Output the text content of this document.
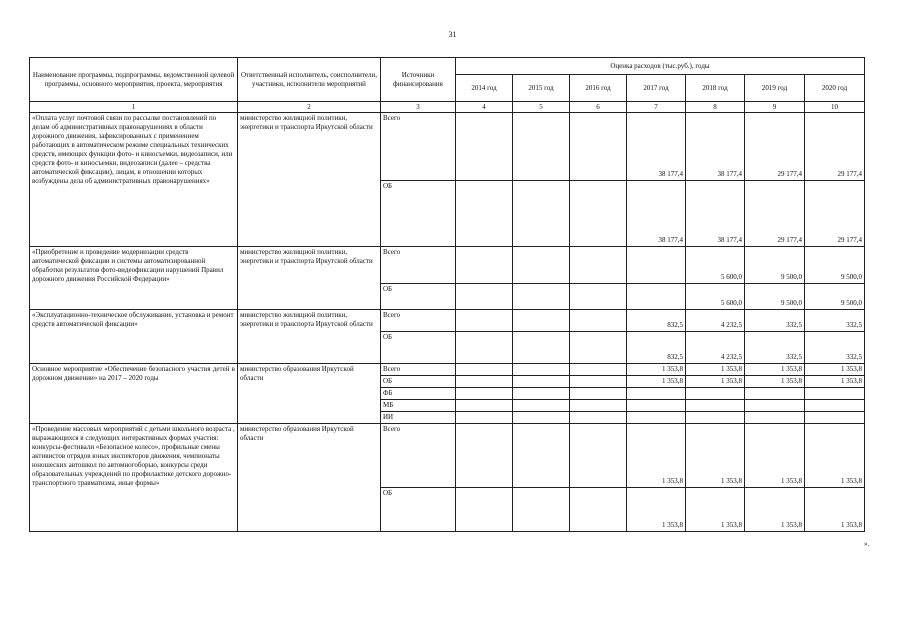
31
Наименование программы, подпрограммы, ведомственной целевой программы, основного мероприятия, проекта, мероприятия	Ответственный исполнитель, соисполнители, участники, исполнители мероприятий	Источники финансирования	Оценка расходов (тыс.руб.), годы						
			2014 год	2015 год	2016 год	2017 год	2018 год	2019 год	2020 год
1	2	3	4	5	6	7	8	9	10
«Оплата услуг почтовой связи по рассылке постановлений по делам об административных правонарушениях в области дорожного движения, зафиксированных с применением работающих в автоматическом режиме специальных технических средств, имеющих функции фото- и киносъемки, видеозаписи, или средств фото- и киносъемки, видеозаписи (далее – средства автоматической фиксации), лицам, в отношении которых возбуждены дела об административных правонарушениях»	министерство жилищной политики, энергетики и транспорта Иркутской области	Всего				38 177,4	38 177,4	29 177,4	29 177,4
		ОБ				38 177,4	38 177,4	29 177,4	29 177,4
«Приобретение и проведение модернизации средств автоматической фиксации и системы автоматизированной обработки результатов фото-видеофиксации нарушений Правил дорожного движения Российской Федерации»	министерство жилищной политики, энергетики и транспорта Иркутской области	Всего					5 600,0	9 500,0	9 500,0
		ОБ					5 600,0	9 500,0	9 500,0
«Эксплуатационно-техническое обслуживание, установка и ремонт средств автоматической фиксации»	министерство жилищной политики, энергетики и транспорта Иркутской области	Всего				832,5	4 232,5	332,5	332,5
		ОБ				832,5	4 232,5	332,5	332,5
Основное мероприятие «Обеспечение безопасного участия детей в дорожном движении» на 2017 – 2020 годы	министерство образования Иркутской области	Всего				1 353,8	1 353,8	1 353,8	1 353,8
		ОБ				1 353,8	1 353,8	1 353,8	1 353,8
		ФБ							
		МБ							
		ИИ							
«Проведение массовых мероприятий с детьми школьного возраста , выражающихся в следующих интерактивных формах участия: конкурсы-фестивали «Безопасное колесо», профильные смены активистов отрядов юных инспекторов движения, чемпионаты юношеских автошкол по автомногоборью, конкурсы среди образовательных учреждений по профилактике детского дорожно-транспортного травматизма, иные формы»	министерство образования Иркутской области	Всего				1 353,8	1 353,8	1 353,8	1 353,8
		ОБ				1 353,8	1 353,8	1 353,8	1 353,8
».
